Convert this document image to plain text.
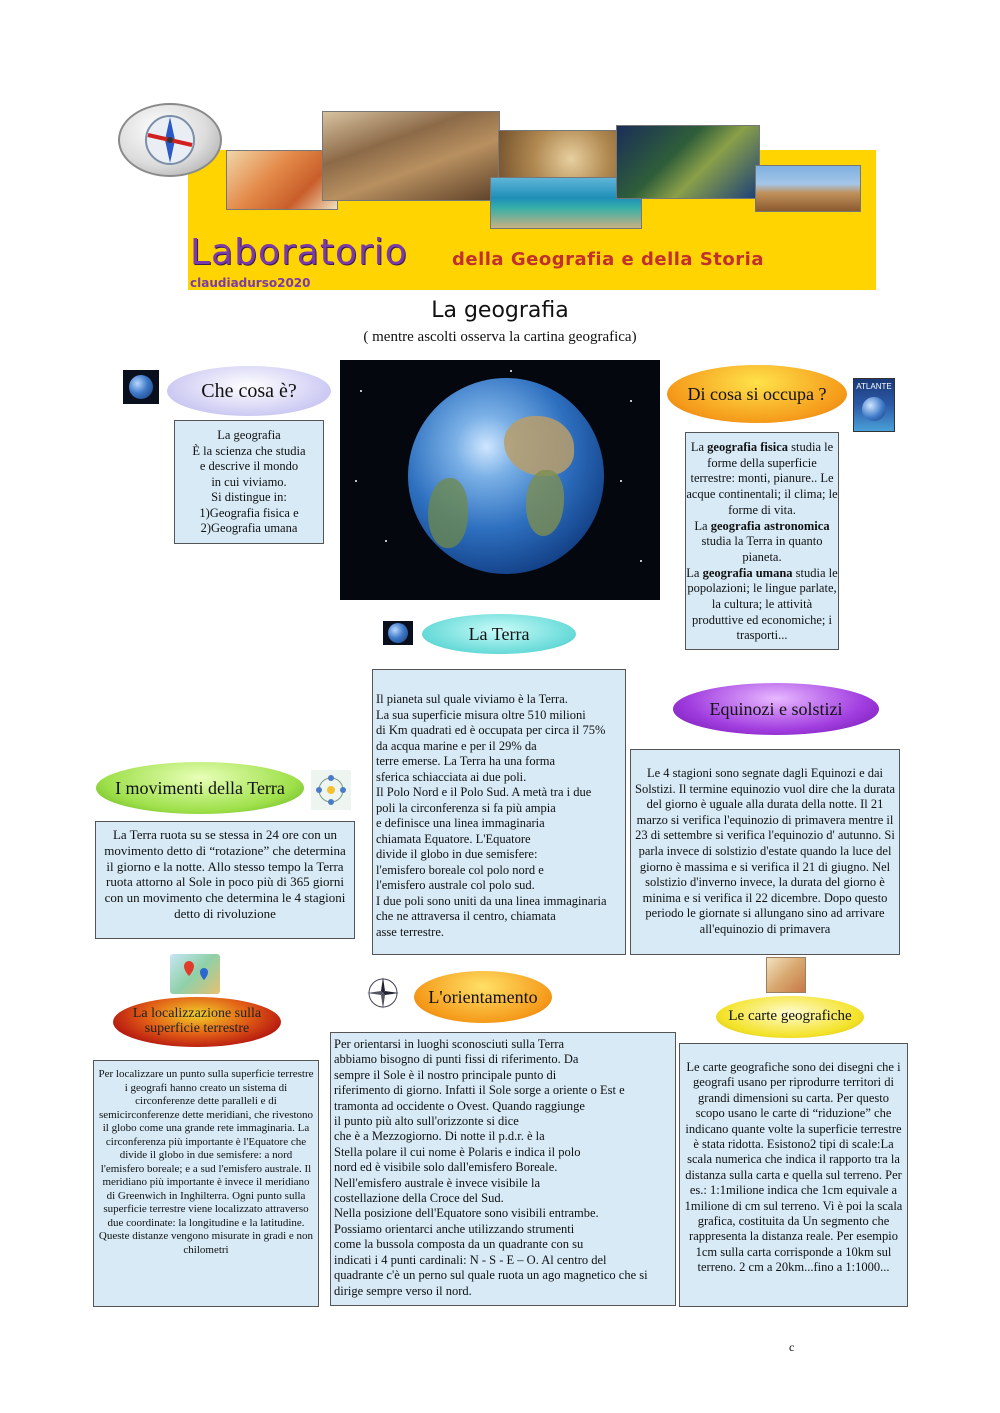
Laboratorio della Geografia e della Storia
claudiadurso2020
La geografia
( mentre ascolti osserva la cartina geografica)
Che cosa è?
La geografia
È la scienza che studia
e descrive il mondo
in cui viviamo.
Si distingue in:
1)Geografia fisica e
2)Geografia umana
Di cosa si occupa ?	ATLANTE

La geografia fisica studia le forme della superficie terrestre: monti, pianure.. Le acque continentali; il clima; le forme di vita.

La geografia astronomica studia la Terra in quanto pianeta.

La geografia umana studia le popolazioni; le lingue parlate, la cultura; le attività produttive ed economiche; i trasporti...

La Terra
Il pianeta sul quale viviamo è la Terra.
La sua superficie misura oltre 510 milioni
di Km quadrati ed è occupata per circa il 75%
da acqua marine e per il 29% da
terre emerse. La Terra ha una forma
sferica schiacciata ai due poli.
Il Polo Nord e il Polo Sud. A metà tra i due
poli la circonferenza si fa più ampia
e definisce una linea immaginaria
chiamata Equatore. L'Equatore
divide il globo in due semisfere:
l'emisfero boreale col polo nord e
l'emisfero australe col polo sud.
I due poli sono uniti da una linea immaginaria
che ne attraversa il centro, chiamata
asse terrestre.
Equinozi e solstizi
Le 4 stagioni sono segnate dagli Equinozi e dai Solstizi. Il termine equinozio vuol dire che la durata del giorno è uguale alla durata della notte. Il 21 marzo si verifica l'equinozio di primavera mentre il 23 di settembre si verifica l'equinozio d' autunno. Si parla invece di solstizio d'estate quando la luce del giorno è massima e si verifica il 21 di giugno. Nel solstizio d'inverno invece, la durata del giorno è minima e si verifica il 22 dicembre. Dopo questo periodo le giornate si allungano sino ad arrivare all'equinozio di primavera
I movimenti della Terra
La Terra ruota su se stessa in 24 ore con un movimento detto di “rotazione” che determina il giorno e la notte. Allo stesso tempo la Terra ruota attorno al Sole in poco più di 365 giorni con un movimento che determina le 4 stagioni detto di rivoluzione
La localizzazione sulla superficie terrestre
Per localizzare un punto sulla superficie terrestre i geografi hanno creato un sistema di circonferenze dette paralleli e di semicirconferenze dette meridiani, che rivestono il globo come una grande rete immaginaria. La circonferenza più importante è l'Equatore che divide il globo in due semisfere: a nord l'emisfero boreale; e a sud l'emisfero australe. Il meridiano più importante è invece il meridiano di Greenwich in Inghilterra. Ogni punto sulla superficie terrestre viene localizzato attraverso due coordinate: la longitudine e la latitudine. Queste distanze vengono misurate in gradi e non chilometri
L'orientamento
Per orientarsi in luoghi sconosciuti sulla Terra
abbiamo bisogno di punti fissi di riferimento. Da
sempre il Sole è il nostro principale punto di
riferimento di giorno. Infatti il Sole sorge a oriente o Est e
tramonta ad occidente o Ovest. Quando raggiunge
il punto più alto sull'orizzonte si dice
che è a Mezzogiorno. Di notte il p.d.r. è la
Stella polare il cui nome è Polaris e indica il polo
nord ed è visibile solo dall'emisfero Boreale.
Nell'emisfero australe è invece visibile la
costellazione della Croce del Sud.
Nella posizione dell'Equatore sono visibili entrambe.
Possiamo orientarci anche utilizzando strumenti
come la bussola composta da un quadrante con su
indicati i 4 punti cardinali: N - S - E – O. Al centro del
quadrante c'è un perno sul quale ruota un ago magnetico che si
dirige sempre verso il nord.
Le carte geografiche
Le carte geografiche sono dei disegni che i geografi usano per riprodurre territori di grandi dimensioni su carta. Per questo scopo usano le carte di “riduzione” che indicano quante volte la superficie terrestre è stata ridotta. Esistono2 tipi di scale:La scala numerica che indica il rapporto tra la distanza sulla carta e quella sul terreno. Per es.: 1:1milione indica che 1cm equivale a 1milione di cm sul terreno. Vi è poi la scala grafica, costituita da Un segmento che rappresenta la distanza reale. Per esempio 1cm sulla carta corrisponde a 10km sul terreno. 2 cm a 20km...fino a 1:1000...
c
